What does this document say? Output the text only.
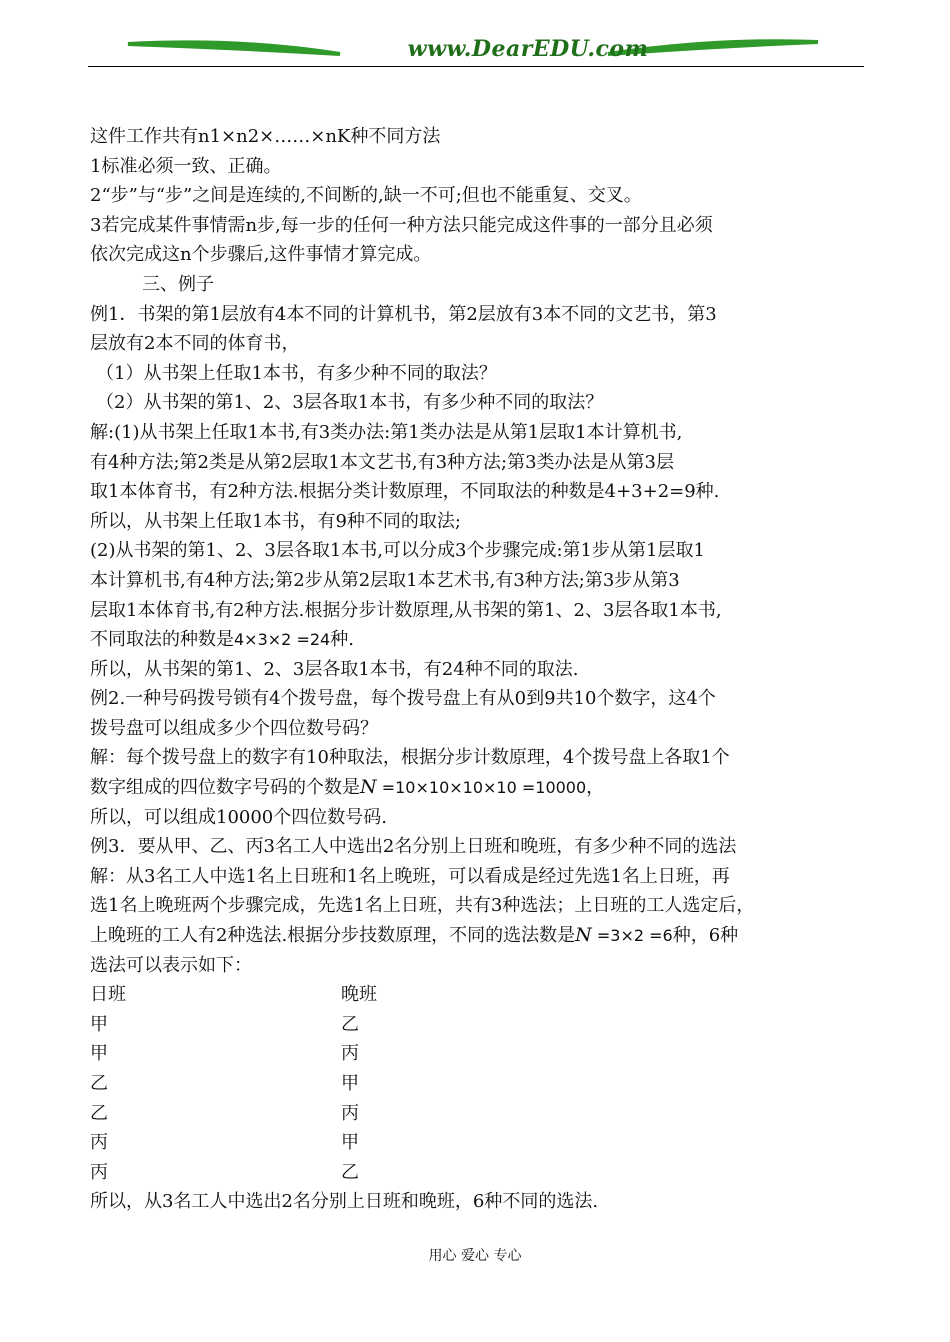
www.DearEDU.com

这件工作共有n1×n2×……×nK种不同方法

1标准必须一致、正确。

2“步”与“步”之间是连续的,不间断的,缺一不可;但也不能重复、交叉。

3若完成某件事情需n步,每一步的任何一种方法只能完成这件事的一部分且必须

依次完成这n个步骤后,这件事情才算完成。

三、例子

例1．书架的第1层放有4本不同的计算机书，第2层放有3本不同的文艺书，第3

层放有2本不同的体育书，

（1）从书架上任取1本书，有多少种不同的取法？

（2）从书架的第1、2、3层各取1本书，有多少种不同的取法？

解:(1)从书架上任取1本书,有3类办法:第1类办法是从第1层取1本计算机书,

有4种方法;第2类是从第2层取1本文艺书,有3种方法;第3类办法是从第3层

取1本体育书，有2种方法.根据分类计数原理，不同取法的种数是4+3+2=9种.

所以，从书架上任取1本书，有9种不同的取法;

(2)从书架的第1、2、3层各取1本书,可以分成3个步骤完成:第1步从第1层取1

本计算机书,有4种方法;第2步从第2层取1本艺术书,有3种方法;第3步从第3

层取1本体育书,有2种方法.根据分步计数原理,从书架的第1、2、3层各取1本书,

不同取法的种数是4×3×2 =24种.

所以，从书架的第1、2、3层各取1本书，有24种不同的取法.

例2.一种号码拨号锁有4个拨号盘，每个拨号盘上有从0到9共10个数字，这4个

拨号盘可以组成多少个四位数号码？

解：每个拨号盘上的数字有10种取法，根据分步计数原理，4个拨号盘上各取1个

数字组成的四位数字号码的个数是N =10×10×10×10 =10000，

所以，可以组成10000个四位数号码.

例3．要从甲、乙、丙3名工人中选出2名分别上日班和晚班，有多少种不同的选法

解：从3名工人中选1名上日班和1名上晚班，可以看成是经过先选1名上日班，再

选1名上晚班两个步骤完成，先选1名上日班，共有3种选法；上日班的工人选定后，

上晚班的工人有2种选法.根据分步技数原理，不同的选法数是N =3×2 =6种，6种

选法可以表示如下：

日班	晚班

甲	乙

甲	丙

乙	甲

乙	丙

丙	甲

丙	乙

所以，从3名工人中选出2名分别上日班和晚班，6种不同的选法.

用心 爱心 专心
